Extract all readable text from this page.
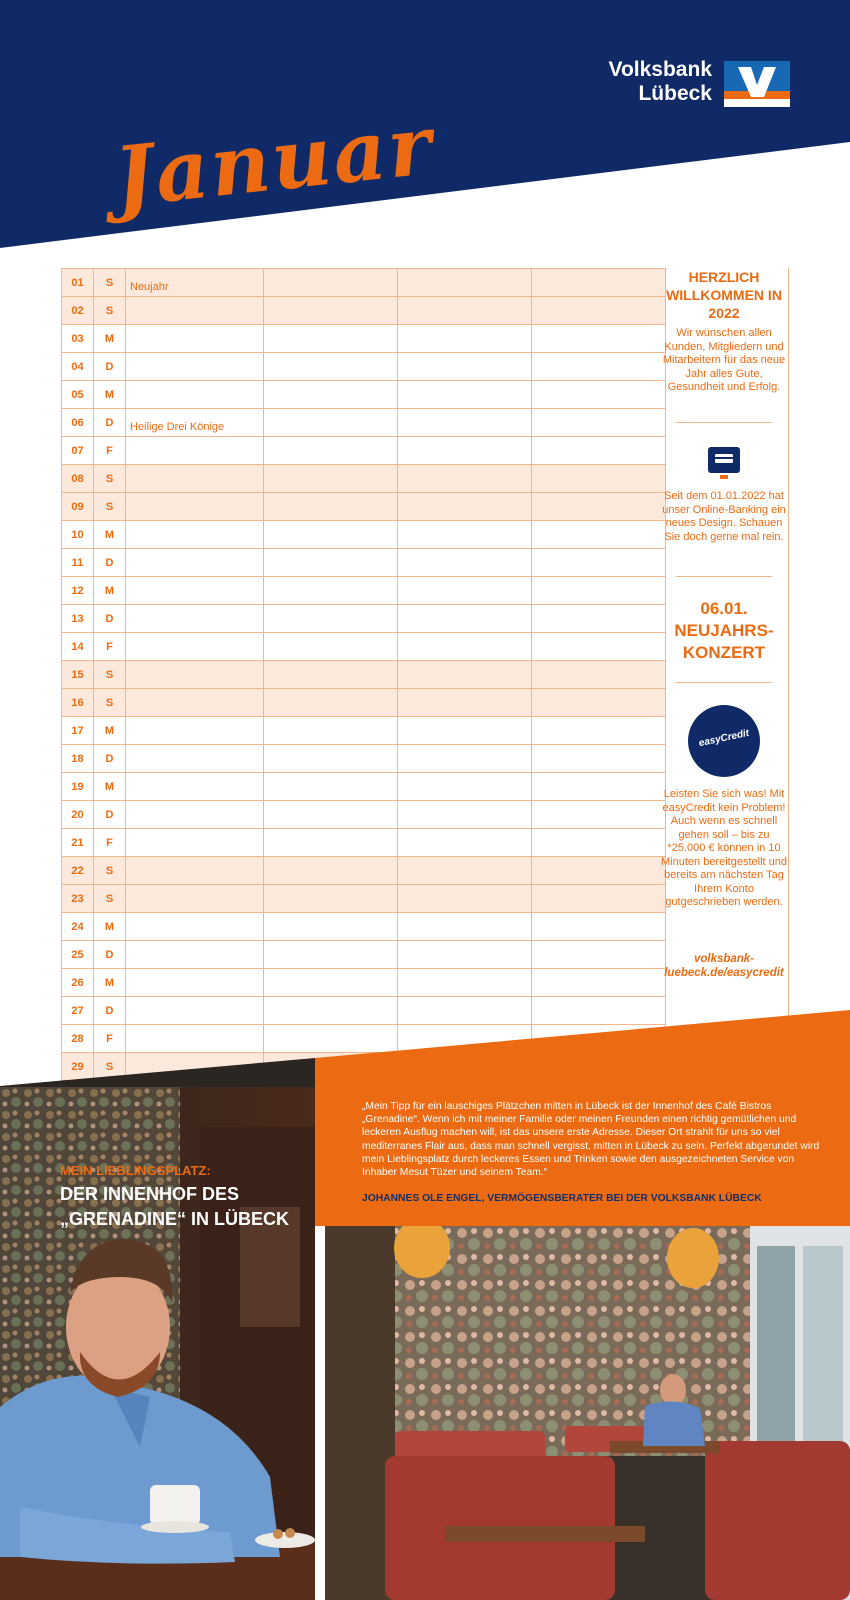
Volksbank
Lübeck
Januar
01	S	Neujahr			
02	S				
03	M				
04	D				
05	M				
06	D	Heilige Drei Könige			
07	F				
08	S				
09	S				
10	M				
11	D				
12	M				
13	D				
14	F				
15	S				
16	S				
17	M				
18	D				
19	M				
20	D				
21	F				
22	S				
23	S				
24	M				
25	D				
26	M				
27	D				
28	F				
29	S				

HERZLICH WILLKOMMEN IN 2022
Wir wünschen allen Kunden, Mitgliedern und Mitarbeitern für das neue Jahr alles Gute, Gesundheit und Erfolg.
Seit dem 01.01.2022 hat unser Online-Banking ein neues Design. Schauen Sie doch gerne mal rein.
06.01.
NEUJAHRS-KONZERT
easyCredit
Leisten Sie sich was! Mit easyCredit kein Problem! Auch wenn es schnell gehen soll – bis zu *25.000 € können in 10 Minuten bereitgestellt und bereits am nächsten Tag Ihrem Konto gutgeschrieben werden.
volksbank-luebeck.de/easycredit
MEIN LIEBLINGSPLATZ:
DER INNENHOF DES
„GRENADINE“ IN LÜBECK
„Mein Tipp für ein lauschiges Plätzchen mitten in Lübeck ist der Innenhof des Café Bistros „Grenadine“. Wenn ich mit meiner Familie oder meinen Freunden einen richtig gemütlichen und leckeren Ausflug machen will, ist das unsere erste Adresse. Dieser Ort strahlt für uns so viel mediterranes Flair aus, dass man schnell vergisst, mitten in Lübeck zu sein. Perfekt abgerundet wird mein Lieblingsplatz durch leckeres Essen und Trinken sowie den ausgezeichneten Service von Inhaber Mesut Tüzer und seinem Team.“
JOHANNES OLE ENGEL, VERMÖGENSBERATER BEI DER VOLKSBANK LÜBECK
